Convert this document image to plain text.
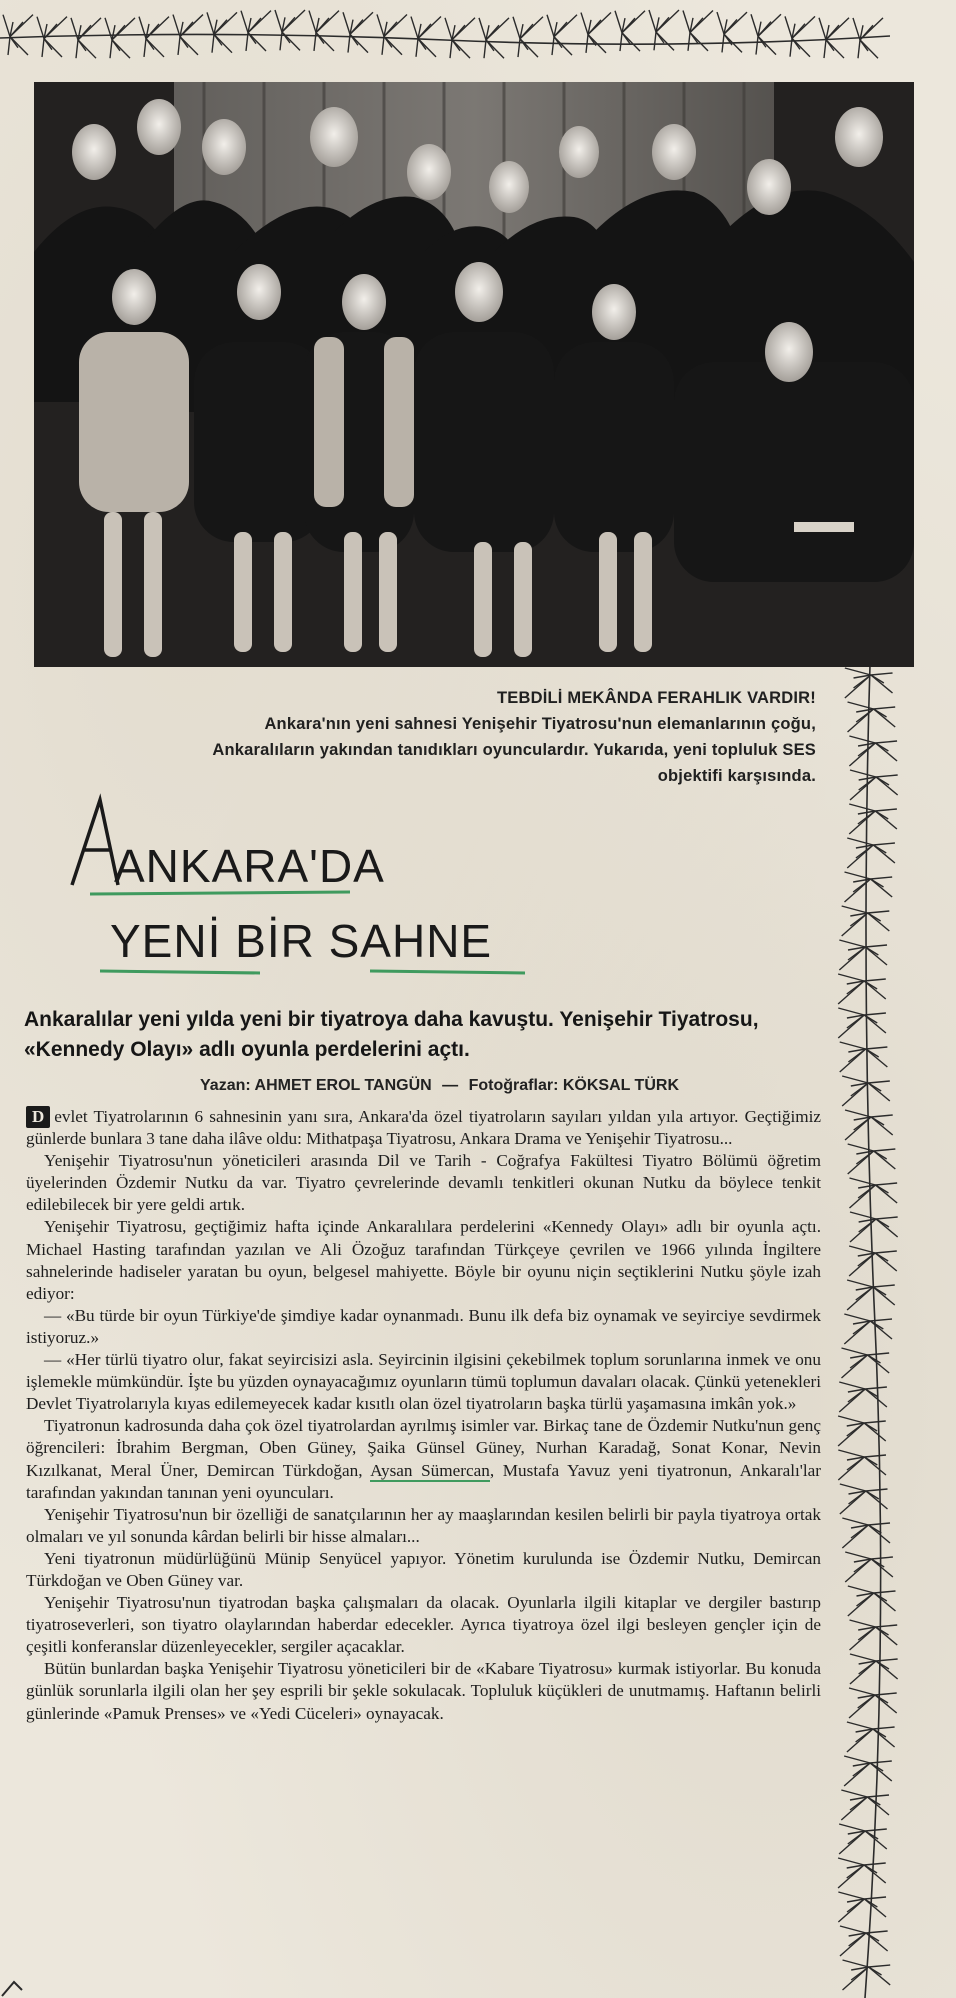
TEBDİLİ MEKÂNDA FERAHLIK VARDIR!
Ankara'nın yeni sahnesi Yenişehir Tiyatrosu'nun elemanlarının çoğu, Ankaralıların yakından tanıdıkları oyunculardır. Yukarıda, yeni topluluk SES objektifi karşısında.
ANKARA'DA
YENİ BİR SAHNE
Ankaralılar yeni yılda yeni bir tiyatroya daha kavuştu. Yenişehir Tiyatrosu, «Kennedy Olayı» adlı oyunla perdelerini açtı.
Yazan: AHMET EROL TANGÜN — Fotoğraflar: KÖKSAL TÜRK

D evlet Tiyatrolarının 6 sahnesinin yanı sıra, Ankara'da özel tiyatroların sayıları yıldan yıla artıyor. Geçtiğimiz günlerde bunlara 3 tane daha ilâve oldu: Mithatpaşa Tiyatrosu, Ankara Drama ve Yenişehir Tiyatrosu...

Yenişehir Tiyatrosu'nun yöneticileri arasında Dil ve Tarih - Coğrafya Fakültesi Tiyatro Bölümü öğretim üyelerinden Özdemir Nutku da var. Tiyatro çevrelerinde devamlı tenkitleri okunan Nutku da böylece tenkit edilebilecek bir yere geldi artık.

Yenişehir Tiyatrosu, geçtiğimiz hafta içinde Ankaralılara perdelerini «Kennedy Olayı» adlı bir oyunla açtı. Michael Hasting tarafından yazılan ve Ali Özoğuz tarafından Türkçeye çevrilen ve 1966 yılında İngiltere sahnelerinde hadiseler yaratan bu oyun, belgesel mahiyette. Böyle bir oyunu niçin seçtiklerini Nutku şöyle izah ediyor:

— «Bu türde bir oyun Türkiye'de şimdiye kadar oynanmadı. Bunu ilk defa biz oynamak ve seyirciye sevdirmek istiyoruz.»

— «Her türlü tiyatro olur, fakat seyircisizi asla. Seyircinin ilgisini çekebilmek toplum sorunlarına inmek ve onu işlemekle mümkündür. İşte bu yüzden oynayacağımız oyunların tümü toplumun davaları olacak. Çünkü yetenekleri Devlet Tiyatrolarıyla kıyas edilemeyecek kadar kısıtlı olan özel tiyatroların başka türlü yaşamasına imkân yok.»

Tiyatronun kadrosunda daha çok özel tiyatrolardan ayrılmış isimler var. Birkaç tane de Özdemir Nutku'nun genç öğrencileri: İbrahim Bergman, Oben Güney, Şaika Günsel Güney, Nurhan Karadağ, Sonat Konar, Nevin Kızılkanat, Meral Üner, Demircan Türkdoğan, Aysan Sümercan, Mustafa Yavuz yeni tiyatronun, Ankaralı'lar tarafından yakından tanınan yeni oyuncuları.

Yenişehir Tiyatrosu'nun bir özelliği de sanatçılarının her ay maaşlarından kesilen belirli bir payla tiyatroya ortak olmaları ve yıl sonunda kârdan belirli bir hisse almaları...

Yeni tiyatronun müdürlüğünü Münip Senyücel yapıyor. Yönetim kurulunda ise Özdemir Nutku, Demircan Türkdoğan ve Oben Güney var.

Yenişehir Tiyatrosu'nun tiyatrodan başka çalışmaları da olacak. Oyunlarla ilgili kitaplar ve dergiler bastırıp tiyatroseverleri, son tiyatro olaylarından haberdar edecekler. Ayrıca tiyatroya özel ilgi besleyen gençler için de çeşitli konferanslar düzenleyecekler, sergiler açacaklar.

Bütün bunlardan başka Yenişehir Tiyatrosu yöneticileri bir de «Kabare Tiyatrosu» kurmak istiyorlar. Bu konuda günlük sorunlarla ilgili olan her şey esprili bir şekle sokulacak. Topluluk küçükleri de unutmamış. Haftanın belirli günlerinde «Pamuk Prenses» ve «Yedi Cüceleri» oynayacak.
